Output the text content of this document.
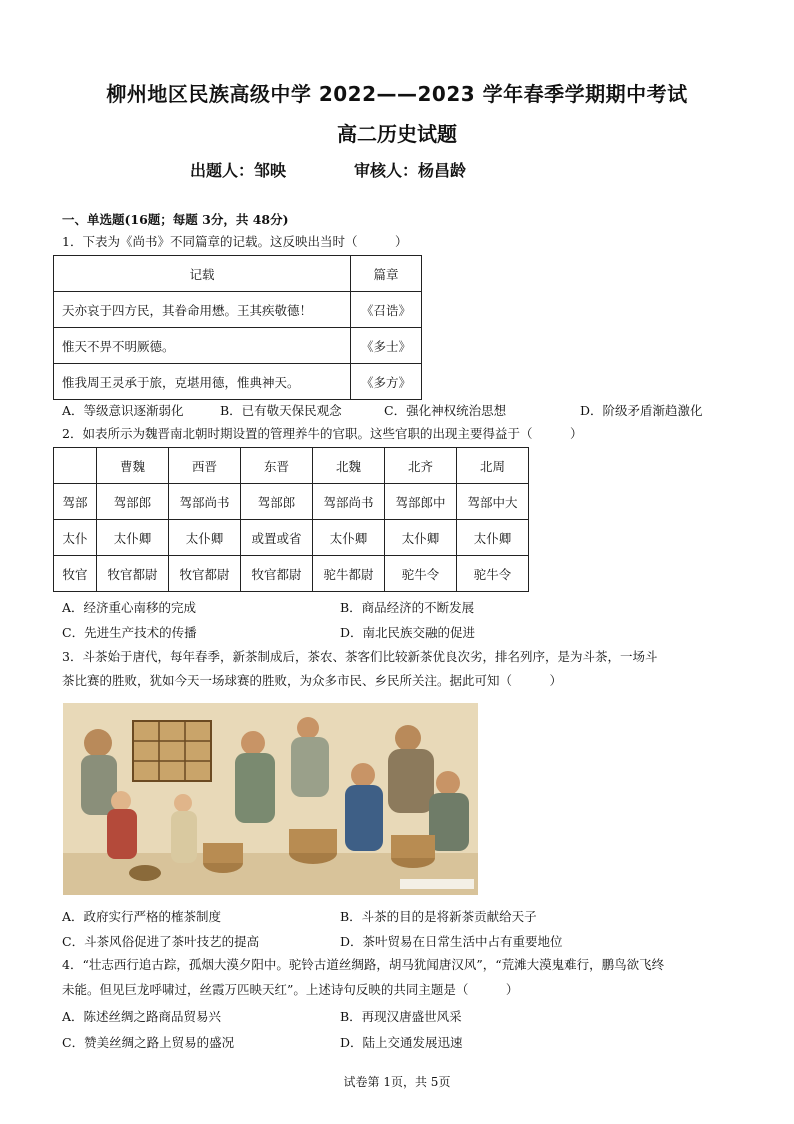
柳州地区民族高级中学 2022——2023 学年春季学期期中考试
高二历史试题
出题人：邹映	审核人：杨昌龄
一、单选题(16题；每题 3分，共 48分)
1．下表为《尚书》不同篇章的记载。这反映出当时（　　　）
记载	篇章
天亦哀于四方民，其眷命用懋。王其疾敬德！	《召诰》
惟天不畀不明厥德。	《多士》
惟我周王灵承于旅，克堪用德，惟典神天。	《多方》
A．等级意识逐渐弱化	B．已有敬天保民观念	C．强化神权统治思想	D．阶级矛盾渐趋激化
2．如表所示为魏晋南北朝时期设置的管理养牛的官职。这些官职的出现主要得益于（　　　）
	曹魏	西晋	东晋	北魏	北齐	北周
驾部	驾部郎	驾部尚书	驾部郎	驾部尚书	驾部郎中	驾部中大
太仆	太仆卿	太仆卿	或置或省	太仆卿	太仆卿	太仆卿
牧官	牧官都尉	牧官都尉	牧官都尉	驼牛都尉	驼牛令	驼牛令
A．经济重心南移的完成	B．商品经济的不断发展
C．先进生产技术的传播	D．南北民族交融的促进
3．斗茶始于唐代，每年春季，新茶制成后，茶农、茶客们比较新茶优良次劣，排名列序，是为斗茶，一场斗
茶比赛的胜败，犹如今天一场球赛的胜败，为众多市民、乡民所关注。据此可知（　　　）
A．政府实行严格的榷茶制度	B．斗茶的目的是将新茶贡献给天子
C．斗茶风俗促进了茶叶技艺的提高	D．茶叶贸易在日常生活中占有重要地位
4．“壮志西行追古踪，孤烟大漠夕阳中。驼铃古道丝绸路，胡马犹闻唐汉风”，“荒滩大漠鬼难行，鹏鸟欲飞终
未能。但见巨龙呼啸过，丝霞万匹映天红”。上述诗句反映的共同主题是（　　　）
A．陈述丝绸之路商品贸易兴	B．再现汉唐盛世风采
C．赞美丝绸之路上贸易的盛况	D．陆上交通发展迅速
试卷第 1页，共 5页
